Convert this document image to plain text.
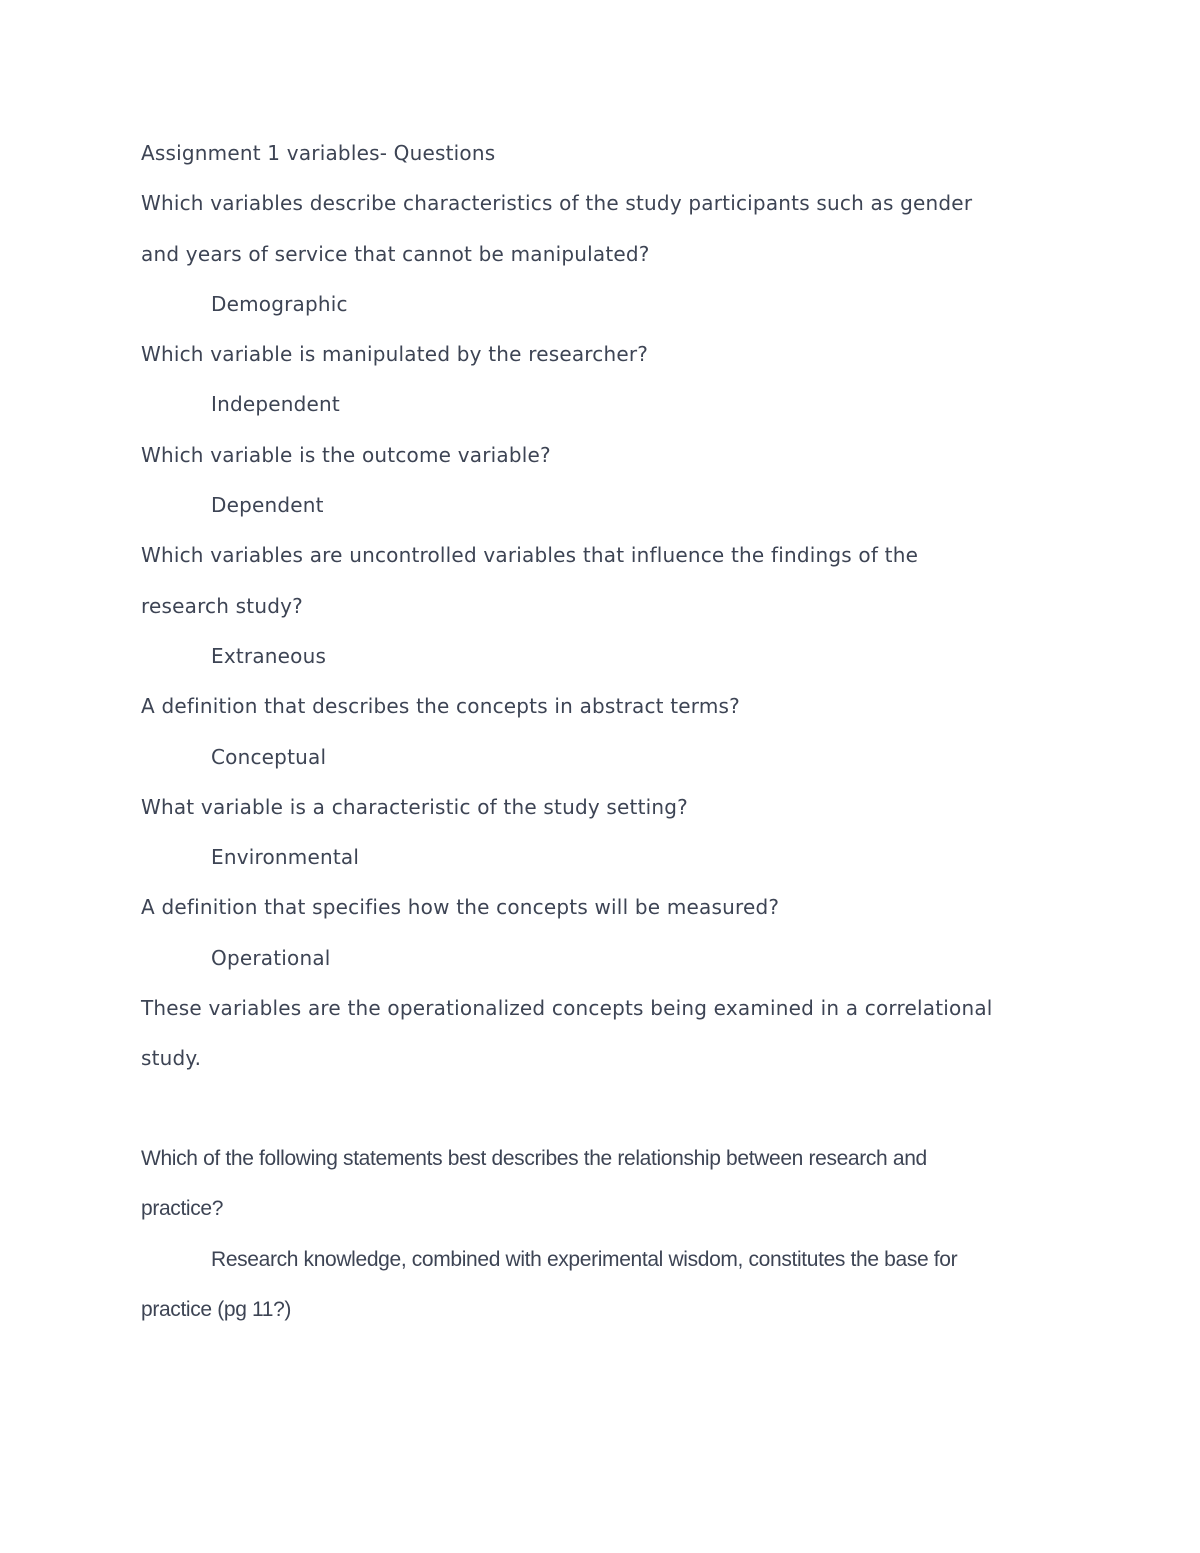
Assignment 1 variables- Questions
Which variables describe characteristics of the study participants such as gender
and years of service that cannot be manipulated?
Demographic
Which variable is manipulated by the researcher?
Independent
Which variable is the outcome variable?
Dependent
Which variables are uncontrolled variables that influence the findings of the
research study?
Extraneous
A definition that describes the concepts in abstract terms?
Conceptual
What variable is a characteristic of the study setting?
Environmental
A definition that specifies how the concepts will be measured?
Operational
These variables are the operationalized concepts being examined in a correlational
study.
Which of the following statements best describes the relationship between research and
practice?
Research knowledge, combined with experimental wisdom, constitutes the base for
practice (pg 11?)
